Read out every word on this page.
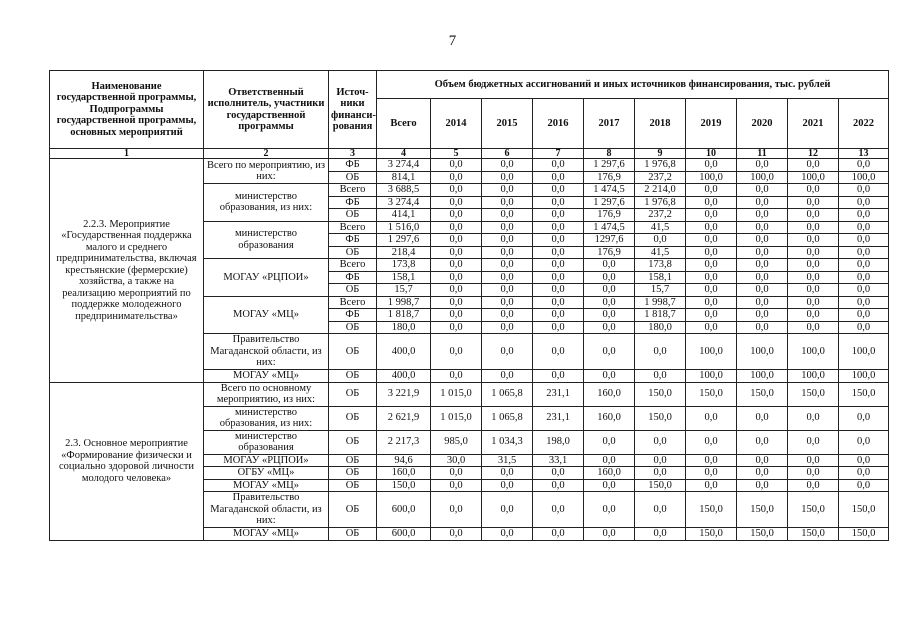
7
Наименование государственной программы, Подпрограммы государственной программы, основных мероприятий	Ответственный исполнитель, участники государственной программы	Источ-ники финанси-рования	Объем бюджетных ассигнований и иных источников финансирования, тыс. рублей									
			Всего	2014	2015	2016	2017	2018	2019	2020	2021	2022
1	2	3	4	5	6	7	8	9	10	11	12	13
2.2.3. Мероприятие «Государственная поддержка малого и среднего предпринимательства, включая крестьянские (фермерские) хозяйства, а также на реализацию мероприятий по поддержке молодежного предпринимательства»	Всего по мероприятию, из них:	ФБ	3 274,4	0,0	0,0	0,0	1 297,6	1 976,8	0,0	0,0	0,0	0,0
		ОБ	814,1	0,0	0,0	0,0	176,9	237,2	100,0	100,0	100,0	100,0
	министерство образования, из них:	Всего	3 688,5	0,0	0,0	0,0	1 474,5	2 214,0	0,0	0,0	0,0	0,0
		ФБ	3 274,4	0,0	0,0	0,0	1 297,6	1 976,8	0,0	0,0	0,0	0,0
		ОБ	414,1	0,0	0,0	0,0	176,9	237,2	0,0	0,0	0,0	0,0
	министерство образования	Всего	1 516,0	0,0	0,0	0,0	1 474,5	41,5	0,0	0,0	0,0	0,0
		ФБ	1 297,6	0,0	0,0	0,0	1297,6	0,0	0,0	0,0	0,0	0,0
		ОБ	218,4	0,0	0,0	0,0	176,9	41,5	0,0	0,0	0,0	0,0
	МОГАУ «РЦПОИ»	Всего	173,8	0,0	0,0	0,0	0,0	173,8	0,0	0,0	0,0	0,0
		ФБ	158,1	0,0	0,0	0,0	0,0	158,1	0,0	0,0	0,0	0,0
		ОБ	15,7	0,0	0,0	0,0	0,0	15,7	0,0	0,0	0,0	0,0
	МОГАУ «МЦ»	Всего	1 998,7	0,0	0,0	0,0	0,0	1 998,7	0,0	0,0	0,0	0,0
		ФБ	1 818,7	0,0	0,0	0,0	0,0	1 818,7	0,0	0,0	0,0	0,0
		ОБ	180,0	0,0	0,0	0,0	0,0	180,0	0,0	0,0	0,0	0,0
	Правительство Магаданской области, из них:	ОБ	400,0	0,0	0,0	0,0	0,0	0,0	100,0	100,0	100,0	100,0
	МОГАУ «МЦ»	ОБ	400,0	0,0	0,0	0,0	0,0	0,0	100,0	100,0	100,0	100,0
2.3. Основное мероприятие «Формирование физически и социально здоровой личности молодого человека»	Всего по основному мероприятию, из них:	ОБ	3 221,9	1 015,0	1 065,8	231,1	160,0	150,0	150,0	150,0	150,0	150,0
	министерство образования, из них:	ОБ	2 621,9	1 015,0	1 065,8	231,1	160,0	150,0	0,0	0,0	0,0	0,0
	министерство образования	ОБ	2 217,3	985,0	1 034,3	198,0	0,0	0,0	0,0	0,0	0,0	0,0
	МОГАУ «РЦПОИ»	ОБ	94,6	30,0	31,5	33,1	0,0	0,0	0,0	0,0	0,0	0,0
	ОГБУ «МЦ»	ОБ	160,0	0,0	0,0	0,0	160,0	0,0	0,0	0,0	0,0	0,0
	МОГАУ «МЦ»	ОБ	150,0	0,0	0,0	0,0	0,0	150,0	0,0	0,0	0,0	0,0
	Правительство Магаданской области, из них:	ОБ	600,0	0,0	0,0	0,0	0,0	0,0	150,0	150,0	150,0	150,0
	МОГАУ «МЦ»	ОБ	600,0	0,0	0,0	0,0	0,0	0,0	150,0	150,0	150,0	150,0
